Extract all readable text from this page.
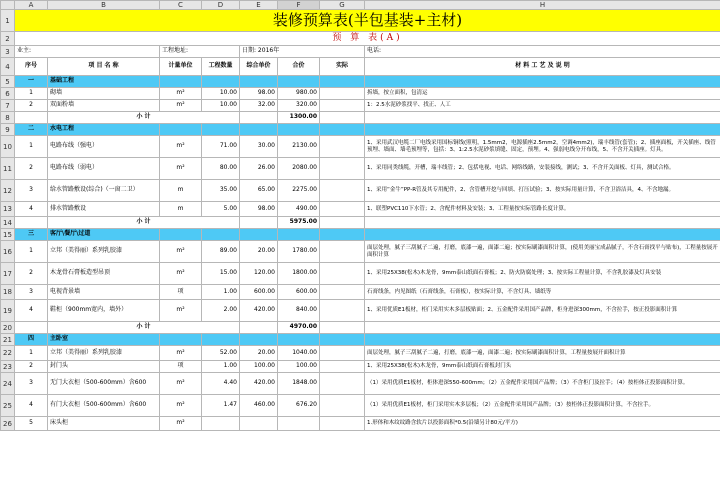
	A	B	C	D	E	F	G	H
1	装修预算表(半包基装+主材)							
2	预 算 表(A)							
3	业主:		工程地址:		日期: 2016年			电话:
4	序号	项 目 名 称	计量单位	工程数量	综合单价	合价	实际	材 料 工 艺 及 说 明
5	一	基础工程						
6	1	砌墙	m²	10.00	98.00	980.00		拆墙，按立面积，包清运
7	2	双面粉墙	m²	10.00	32.00	320.00		1：2.5水泥砂浆找平、找正、人工
8		小 计				1300.00		
9	二	水电工程						
10	1	电路布线（强电）	m²	71.00	30.00	2130.00		1、采用武汉电缆二厂电线采用国标铜线(照明，1.5mm2，电源插座2.5mm2，空调4mm2)，瑞丰线管(套管)；2、插座面板，开关插座、线管预埋、墙面、墙毛预埋等，包括：3、1:2.5水泥砂浆填缝、固定，预埋。4、强弱电线分开布线，5、不含开关插座。灯具。
11	2	电路布线（弱电）	m²	80.00	26.00	2080.00		1、采用同类线缆，开槽，瑞丰线管；2、包括电视、电话、网络线路，安装接线，测试；3、不含开关面板、灯具，测试合格。
12	3	给水管路敷设(综合)（一窗二卫）	m	35.00	65.00	2275.00		1、采用“金牛”PP-R管及其专用配件，2、含管槽开挖与回填、打压试验；3、按实际用量计算，不含卫浴洁具，4、不含地漏。
13	4	排水管路敷设	m	5.00	98.00	490.00		1、联塑PVC110下水管；2、含配件材料及安装；3、工程量按实际管路长度计算。
14		小 计				5975.00		
15	三	客厅\餐厅\过道						
16	1	立邦（美得丽）系列乳胶漆	m²	89.00	20.00	1780.00		面层处理，腻子三刮腻子二遍，打磨，底漆一遍，面漆二遍；按实际刷漆面积计算，(使用美丽宝成品腻子，不含石膏找平与贴布)，工程量按展开面积计算
17	2	木龙骨石膏板造型吊顶	m²	15.00	120.00	1800.00		1、采用25X38(松木)木龙骨，9mm泰山纸面石膏板；2、防火防腐处理；3、按实际工程量计算，不含乳胶漆及灯具安装
18	3	电视背景墙	项	1.00	600.00	600.00		石膏线条，内见图纸（石膏线条，石膏板），按实际计算，不含灯具、墙纸等
19	4	鞋柜（900mm宽内，墙外）	m²	2.00	420.00	840.00		1、采用优质E1板材，柜门采用实木多层板贴面；2、五金配件采用国产品牌，柜身进深300mm，不含拉手，按正投影面积计算
20		小 计				4970.00		
21	四	主卧室						
22	1	立邦（美得丽）系列乳胶漆	m²	52.00	20.00	1040.00		面层处理，腻子三刮腻子二遍，打磨，底漆一遍，面漆二遍；按实际刷漆面积计算，工程量按展开面积计算
23	2	封门头	项	1.00	100.00	100.00		1、采用25X38(松木)木龙骨，9mm泰山纸面石膏板封门头
24	3	无门大衣柜（500-600mm）含600	m²	4.40	420.00	1848.00		（1）采用优质E1板材，柜体进深550-600mm；（2）五金配件采用国产品牌；（3）不含柜门及拉手；（4）按柜体正投影面积计算。
25	4	有门大衣柜（500-600mm）含600	m²	1.47	460.00	676.20		（1）采用优质E1板材，柜门采用实木多层板；（2）五金配件采用国产品牌；（3）按柜体正投影面积计算，不含拉手。
26	5	床头柜	m²					1.形体和木纹纹路含软片以投影面积*0.5(沿墙另计80元/平方)
